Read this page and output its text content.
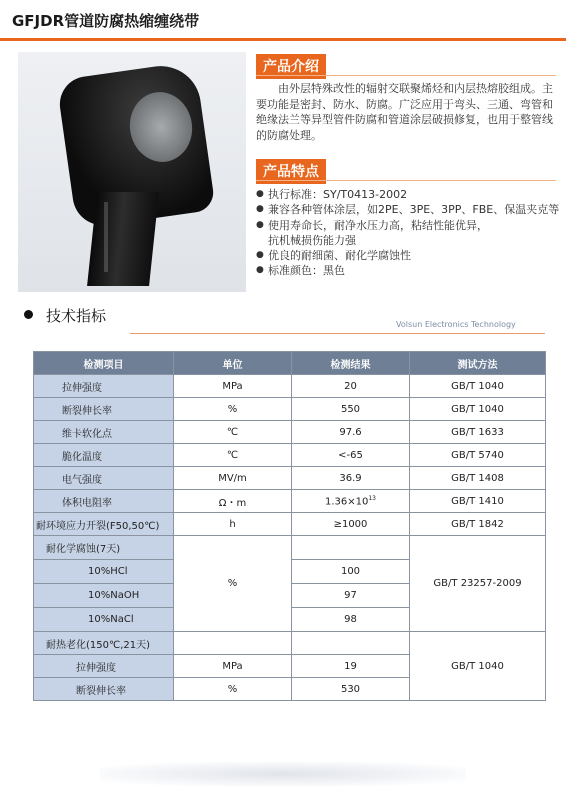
GFJDR管道防腐热缩缠绕带
产品介绍

由外层特殊改性的辐射交联聚烯烃和内层热熔胶组成。主要功能是密封、防水、防腐。广泛应用于弯头、三通、弯管和绝缘法兰等异型管件防腐和管道涂层破损修复，也用于整管线的防腐处理。

产品特点
● 执行标准：SY/T0413-2002
● 兼容各种管体涂层，如2PE、3PE、3PP、FBE、保温夹克等
● 使用寿命长，耐净水压力高，粘结性能优异，
抗机械损伤能力强
● 优良的耐细菌、耐化学腐蚀性
● 标准颜色：黑色
技术指标	Volsun Electronics Technology
检测项目	单位	检测结果	测试方法
拉伸强度	MPa	20	GB/T 1040
断裂伸长率	%	550	GB/T 1040
维卡软化点	℃	97.6	GB/T 1633
脆化温度	℃	<-65	GB/T 5740
电气强度	MV/m	36.9	GB/T 1408
体积电阻率	Ω・m	$1.36\times 10^{13}$	GB/T 1410
耐环境应力开裂(F50,50℃)	h	≥1000	GB/T 1842
耐化学腐蚀(7天)	%		GB/T 23257-2009
10%HCl		100	
10%NaOH		97	
10%NaCl		98	
耐热老化(150℃,21天)			GB/T 1040
拉伸强度	MPa	19	
断裂伸长率	%	530	
